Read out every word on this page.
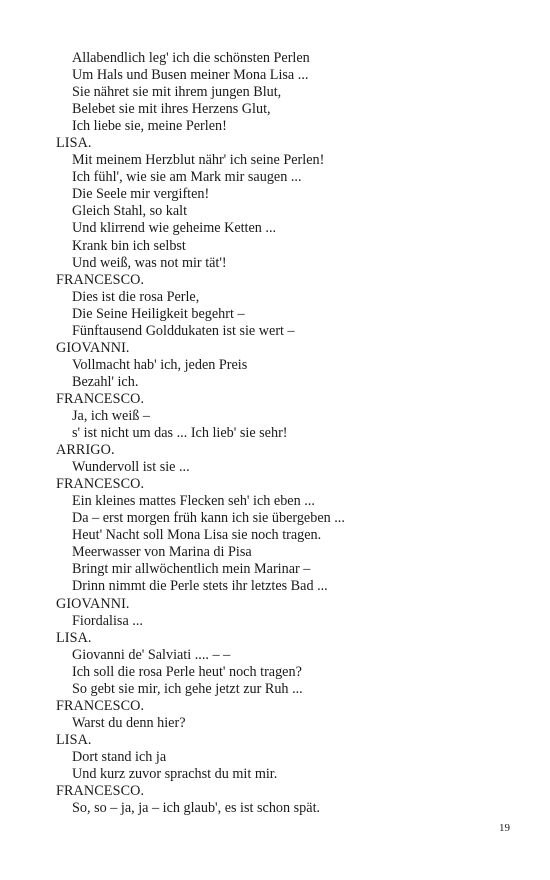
Allabendlich leg' ich die schönsten Perlen
Um Hals und Busen meiner Mona Lisa ...
Sie nähret sie mit ihrem jungen Blut,
Belebet sie mit ihres Herzens Glut,
Ich liebe sie, meine Perlen!
LISA.
Mit meinem Herzblut nähr' ich seine Perlen!
Ich fühl', wie sie am Mark mir saugen ...
Die Seele mir vergiften!
Gleich Stahl, so kalt
Und klirrend wie geheime Ketten ...
Krank bin ich selbst
Und weiß, was not mir tät'!
FRANCESCO.
Dies ist die rosa Perle,
Die Seine Heiligkeit begehrt –
Fünftausend Golddukaten ist sie wert –
GIOVANNI.
Vollmacht hab' ich, jeden Preis
Bezahl' ich.
FRANCESCO.
Ja, ich weiß –
s' ist nicht um das ... Ich lieb' sie sehr!
ARRIGO.
Wundervoll ist sie ...
FRANCESCO.
Ein kleines mattes Flecken seh' ich eben ...
Da – erst morgen früh kann ich sie übergeben ...
Heut' Nacht soll Mona Lisa sie noch tragen.
Meerwasser von Marina di Pisa
Bringt mir allwöchentlich mein Marinar –
Drinn nimmt die Perle stets ihr letztes Bad ...
GIOVANNI.
Fiordalisa ...
LISA.
Giovanni de' Salviati .... – –
Ich soll die rosa Perle heut' noch tragen?
So gebt sie mir, ich gehe jetzt zur Ruh ...
FRANCESCO.
Warst du denn hier?
LISA.
Dort stand ich ja
Und kurz zuvor sprachst du mit mir.
FRANCESCO.
So, so – ja, ja – ich glaub', es ist schon spät.
19
